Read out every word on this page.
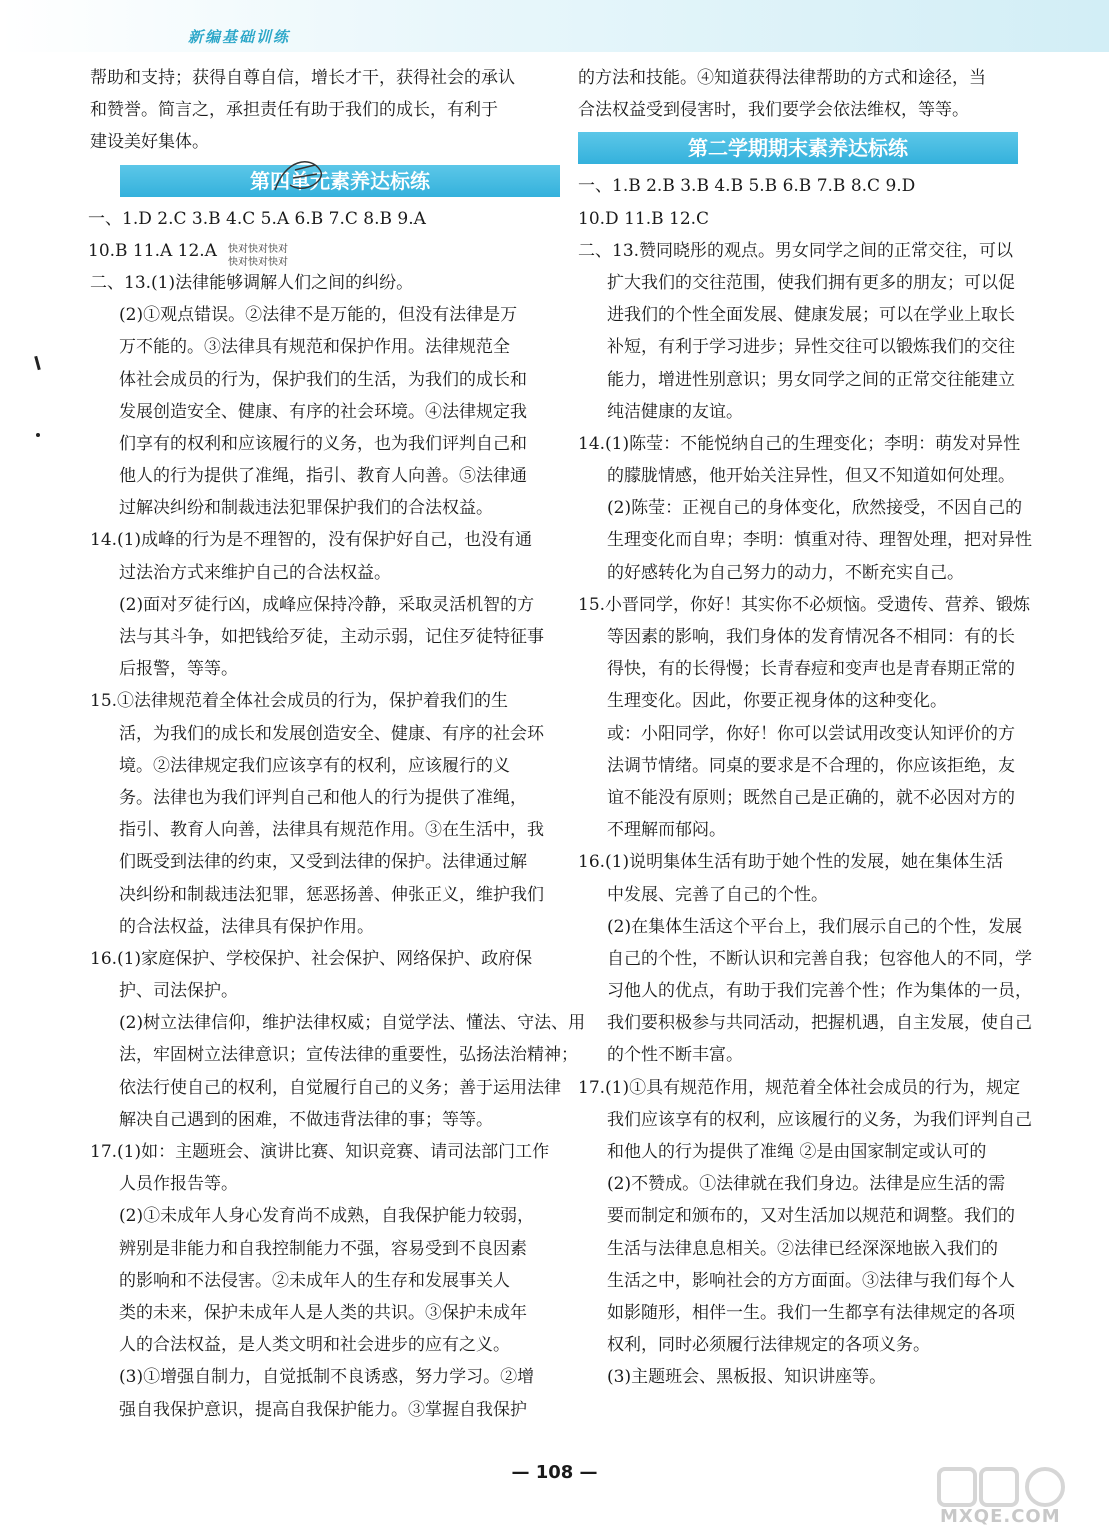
新编基础训练
帮助和支持；获得自尊自信，增长才干，获得社会的承认
和赞誉。简言之，承担责任有助于我们的成长，有利于
建设美好集体。
第四单元素养达标练
一、1.D 2.C 3.B 4.C 5.A 6.B 7.C 8.B 9.A
10.B 11.A 12.A
二、13.(1)法律能够调解人们之间的纠纷。
(2)①观点错误。②法律不是万能的，但没有法律是万
万不能的。③法律具有规范和保护作用。法律规范全
体社会成员的行为，保护我们的生活，为我们的成长和
发展创造安全、健康、有序的社会环境。④法律规定我
们享有的权利和应该履行的义务，也为我们评判自己和
他人的行为提供了准绳，指引、教育人向善。⑤法律通
过解决纠纷和制裁违法犯罪保护我们的合法权益。
14.(1)成峰的行为是不理智的，没有保护好自己，也没有通
过法治方式来维护自己的合法权益。
(2)面对歹徒行凶，成峰应保持冷静，采取灵活机智的方
法与其斗争，如把钱给歹徒，主动示弱，记住歹徒特征事
后报警，等等。
15.①法律规范着全体社会成员的行为，保护着我们的生
活，为我们的成长和发展创造安全、健康、有序的社会环
境。②法律规定我们应该享有的权利，应该履行的义
务。法律也为我们评判自己和他人的行为提供了准绳，
指引、教育人向善，法律具有规范作用。③在生活中，我
们既受到法律的约束，又受到法律的保护。法律通过解
决纠纷和制裁违法犯罪，惩恶扬善、伸张正义，维护我们
的合法权益，法律具有保护作用。
16.(1)家庭保护、学校保护、社会保护、网络保护、政府保
护、司法保护。
(2)树立法律信仰，维护法律权威；自觉学法、懂法、守法、用
法，牢固树立法律意识；宣传法律的重要性，弘扬法治精神；
依法行使自己的权利，自觉履行自己的义务；善于运用法律
解决自己遇到的困难，不做违背法律的事；等等。
17.(1)如：主题班会、演讲比赛、知识竞赛、请司法部门工作
人员作报告等。
(2)①未成年人身心发育尚不成熟，自我保护能力较弱，
辨别是非能力和自我控制能力不强，容易受到不良因素
的影响和不法侵害。②未成年人的生存和发展事关人
类的未来，保护未成年人是人类的共识。③保护未成年
人的合法权益，是人类文明和社会进步的应有之义。
(3)①增强自制力，自觉抵制不良诱惑，努力学习。②增
强自我保护意识，提高自我保护能力。③掌握自我保护
快对快对快对
快对快对快对
的方法和技能。④知道获得法律帮助的方式和途径，当
合法权益受到侵害时，我们要学会依法维权，等等。
第二学期期末素养达标练
一、1.B 2.B 3.B 4.B 5.B 6.B 7.B 8.C 9.D
10.D 11.B 12.C
二、13.赞同晓彤的观点。男女同学之间的正常交往，可以
扩大我们的交往范围，使我们拥有更多的朋友；可以促
进我们的个性全面发展、健康发展；可以在学业上取长
补短，有利于学习进步；异性交往可以锻炼我们的交往
能力，增进性别意识；男女同学之间的正常交往能建立
纯洁健康的友谊。
14.(1)陈莹：不能悦纳自己的生理变化；李明：萌发对异性
的朦胧情感，他开始关注异性，但又不知道如何处理。
(2)陈莹：正视自己的身体变化，欣然接受，不因自己的
生理变化而自卑；李明：慎重对待、理智处理，把对异性
的好感转化为自己努力的动力，不断充实自己。
15.小晋同学，你好！其实你不必烦恼。受遗传、营养、锻炼
等因素的影响，我们身体的发育情况各不相同：有的长
得快，有的长得慢；长青春痘和变声也是青春期正常的
生理变化。因此，你要正视身体的这种变化。
或：小阳同学，你好！你可以尝试用改变认知评价的方
法调节情绪。同桌的要求是不合理的，你应该拒绝，友
谊不能没有原则；既然自己是正确的，就不必因对方的
不理解而郁闷。
16.(1)说明集体生活有助于她个性的发展，她在集体生活
中发展、完善了自己的个性。
(2)在集体生活这个平台上，我们展示自己的个性，发展
自己的个性，不断认识和完善自我；包容他人的不同，学
习他人的优点，有助于我们完善个性；作为集体的一员，
我们要积极参与共同活动，把握机遇，自主发展，使自己
的个性不断丰富。
17.(1)①具有规范作用，规范着全体社会成员的行为，规定
我们应该享有的权利，应该履行的义务，为我们评判自己
和他人的行为提供了准绳 ②是由国家制定或认可的
(2)不赞成。①法律就在我们身边。法律是应生活的需
要而制定和颁布的，又对生活加以规范和调整。我们的
生活与法律息息相关。②法律已经深深地嵌入我们的
生活之中，影响社会的方方面面。③法律与我们每个人
如影随形，相伴一生。我们一生都享有法律规定的各项
权利，同时必须履行法律规定的各项义务。
(3)主题班会、黑板报、知识讲座等。
— 108 —
MXQE.COM
